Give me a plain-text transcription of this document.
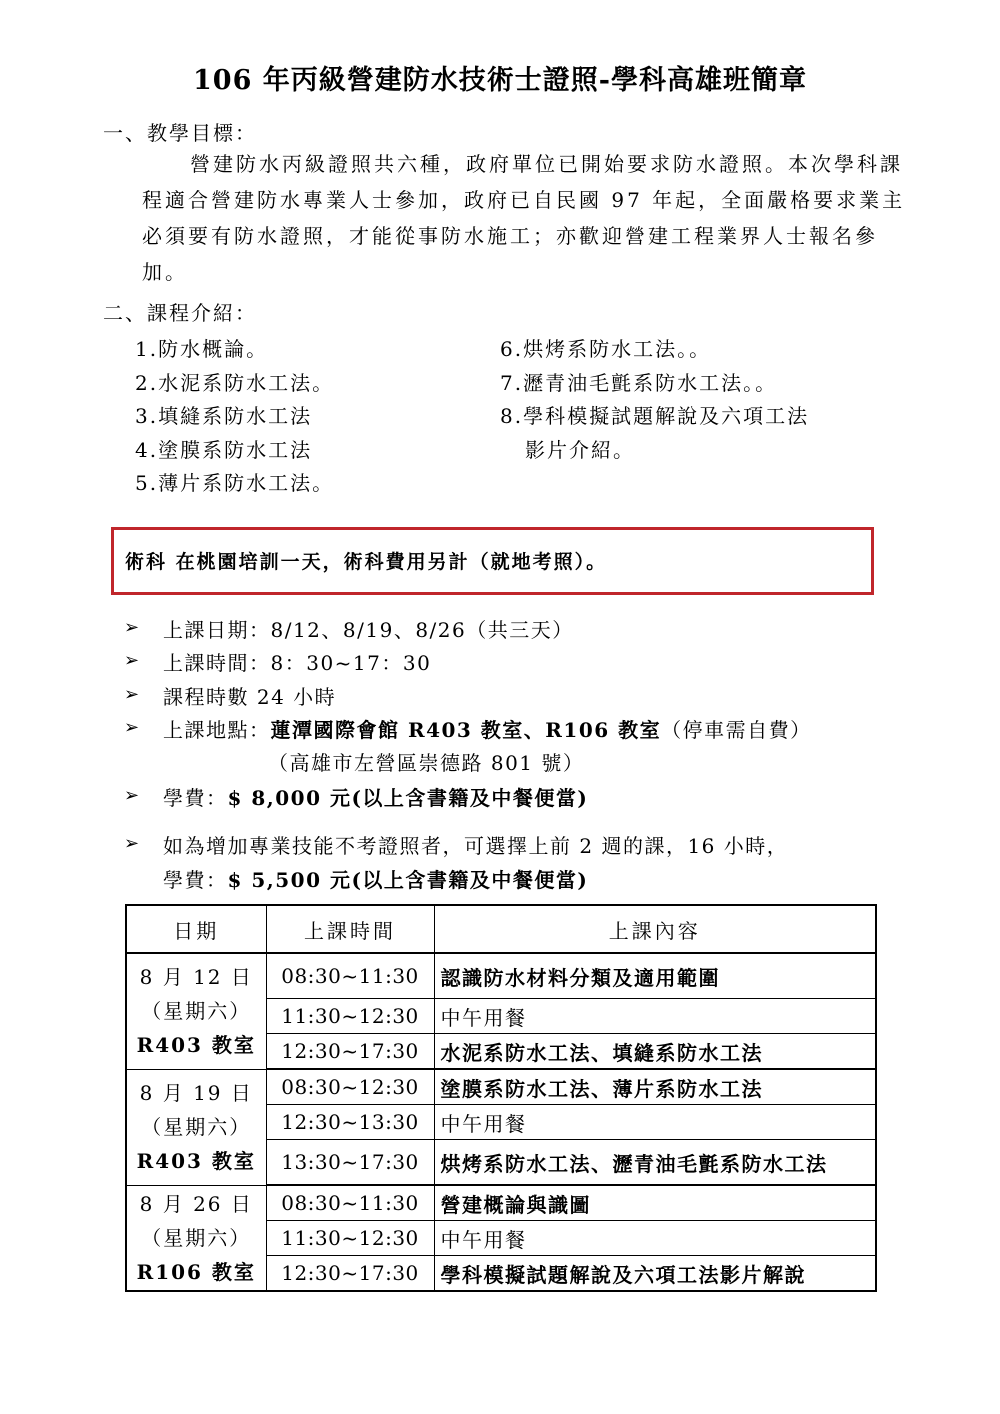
106 年丙級營建防水技術士證照-學科高雄班簡章
一、教學目標：
營建防水丙級證照共六種，政府單位已開始要求防水證照。本次學科課程適合營建防水專業人士參加，政府已自民國 97 年起，全面嚴格要求業主必須要有防水證照，才能從事防水施工；亦歡迎營建工程業界人士報名參加。
二、課程介紹：
1.防水概論。
2.水泥系防水工法。
3.填縫系防水工法
4.塗膜系防水工法
5.薄片系防水工法。
6.烘烤系防水工法。。
7.瀝青油毛氈系防水工法。。
8.學科模擬試題解說及六項工法
影片介紹。
術科 在桃園培訓一天，術科費用另計（就地考照）。
➢ 上課日期：8/12、8/19、8/26（共三天）
➢ 上課時間：8：30~17：30
➢ 課程時數 24 小時
➢ 上課地點：蓮潭國際會館 R403 教室、R106 教室（停車需自費）
（高雄市左營區崇德路 801 號）
➢ 學費：$ 8,000 元(以上含書籍及中餐便當)
➢ 如為增加專業技能不考證照者，可選擇上前 2 週的課，16 小時，
學費：$ 5,500 元(以上含書籍及中餐便當)
日期	上課時間	上課內容

8 月 12 日
（星期六）
R403 教室	08:30~11:30	認識防水材料分類及適用範圍
	11:30~12:30	中午用餐
	12:30~17:30	水泥系防水工法、填縫系防水工法

8 月 19 日
（星期六）
R403 教室	08:30~12:30	塗膜系防水工法、薄片系防水工法
	12:30~13:30	中午用餐
	13:30~17:30	烘烤系防水工法、瀝青油毛氈系防水工法

8 月 26 日
（星期六）
R106 教室	08:30~11:30	營建概論與識圖
	11:30~12:30	中午用餐
	12:30~17:30	學科模擬試題解說及六項工法影片解說
